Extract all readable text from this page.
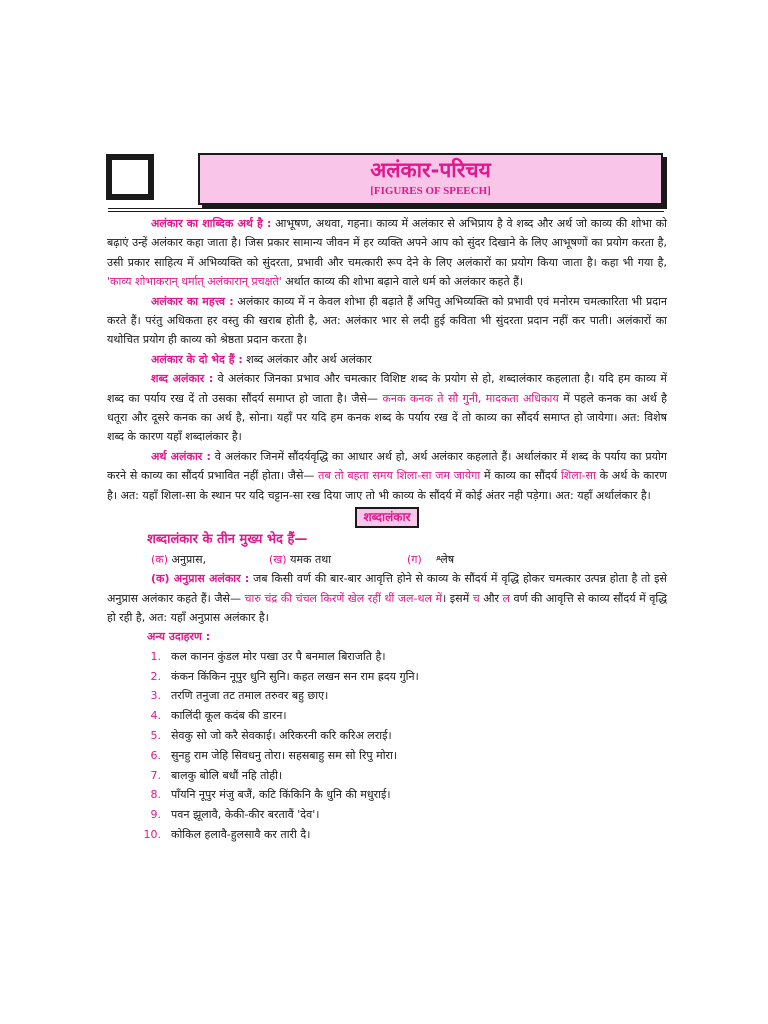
अलंकार-परिचय
[FIGURES OF SPEECH]

अलंकार का शाब्दिक अर्थ है : आभूषण, अथवा, गहना। काव्य में अलंकार से अभिप्राय है वे शब्द और अर्थ जो काव्य की शोभा को बढ़ाएं उन्हें अलंकार कहा जाता है। जिस प्रकार सामान्य जीवन में हर व्यक्ति अपने आप को सुंदर दिखाने के लिए आभूषणों का प्रयोग करता है, उसी प्रकार साहित्य में अभिव्यक्ति को सुंदरता, प्रभावी और चमत्कारी रूप देने के लिए अलंकारों का प्रयोग किया जाता है। कहा भी गया है, 'काव्य शोभाकरान् धर्मात् अलंकारान् प्रचक्षते' अर्थात काव्य की शोभा बढ़ाने वाले धर्म को अलंकार कहते हैं।

अलंकार का महत्त्व : अलंकार काव्य में न केवल शोभा ही बढ़ाते हैं अपितु अभिव्यक्ति को प्रभावी एवं मनोरम चमत्कारिता भी प्रदान करते हैं। परंतु अधिकता हर वस्तु की खराब होती है, अत: अलंकार भार से लदी हुई कविता भी सुंदरता प्रदान नहीं कर पाती। अलंकारों का यथोचित प्रयोग ही काव्य को श्रेष्ठता प्रदान करता है।

अलंकार के दो भेद हैं : शब्द अलंकार और अर्थ अलंकार

शब्द अलंकार : वे अलंकार जिनका प्रभाव और चमत्कार विशिष्ट शब्द के प्रयोग से हो, शब्दालंकार कहलाता है। यदि हम काव्य में शब्द का पर्याय रख दें तो उसका सौंदर्य समाप्त हो जाता है। जैसे— कनक कनक ते सौ गुनी, मादकता अधिकाय में पहले कनक का अर्थ है धतूरा और दूसरे कनक का अर्थ है, सोना। यहाँ पर यदि हम कनक शब्द के पर्याय रख दें तो काव्य का सौंदर्य समाप्त हो जायेगा। अत: विशेष शब्द के कारण यहाँ शब्दालंकार है।

अर्थ अलंकार : वे अलंकार जिनमें सौंदर्यवृद्धि का आधार अर्थ हो, अर्थ अलंकार कहलाते हैं। अर्थालंकार में शब्द के पर्याय का प्रयोग करने से काव्य का सौंदर्य प्रभावित नहीं होता। जैसे— तब तो बहता समय शिला-सा जम जायेगा में काव्य का सौंदर्य शिला-सा के अर्थ के कारण है। अत: यहाँ शिला-सा के स्थान पर यदि चट्टान-सा रख दिया जाए तो भी काव्य के सौंदर्य में कोई अंतर नही पड़ेगा। अत: यहाँ अर्थालंकार है।

शब्दालंकार
शब्दालंकार के तीन मुख्य भेद हैं—
(क) अनुप्रास,	(ख) यमक तथा	(ग) श्लेष

(क) अनुप्रास अलंकार : जब किसी वर्ण की बार-बार आवृत्ति होने से काव्य के सौंदर्य में वृद्धि होकर चमत्कार उत्पन्न होता है तो इसे अनुप्रास अलंकार कहते हैं। जैसे— चारु चंद्र की चंचल किरणें खेल रहीं थीं जल-थल में। इसमें च और ल वर्ण की आवृत्ति से काव्य सौंदर्य में वृद्धि हो रही है, अत: यहाँ अनुप्रास अलंकार है।

अन्य उदाहरण :
1. कल कानन कुंडल मोर पखा उर पै बनमाल बिराजति है।
2. कंकन किंकिन नूपुर धुनि सुनि। कहत लखन सन राम ह्रदय गुनि।
3. तरणि तनुजा तट तमाल तरुवर बहु छाए।
4. कालिंदी कूल कदंब की डारन।
5. सेवकु सो जो करै सेवकाई। अरिकरनी करि करिअ लराई।
6. सुनहु राम जेहि सिवधनु तोरा। सहसबाहु सम सो रिपु मोरा।
7. बालकु बोलि बधौं नहि तोही।
8. पाँयनि नूपुर मंजु बजैं, कटि किंकिनि कै धुनि की मधुराई।
9. पवन झूलावै, केकी-कीर बरतावैं 'देव'।
10. कोकिल हलावै-हुलसावै कर तारी दै।
